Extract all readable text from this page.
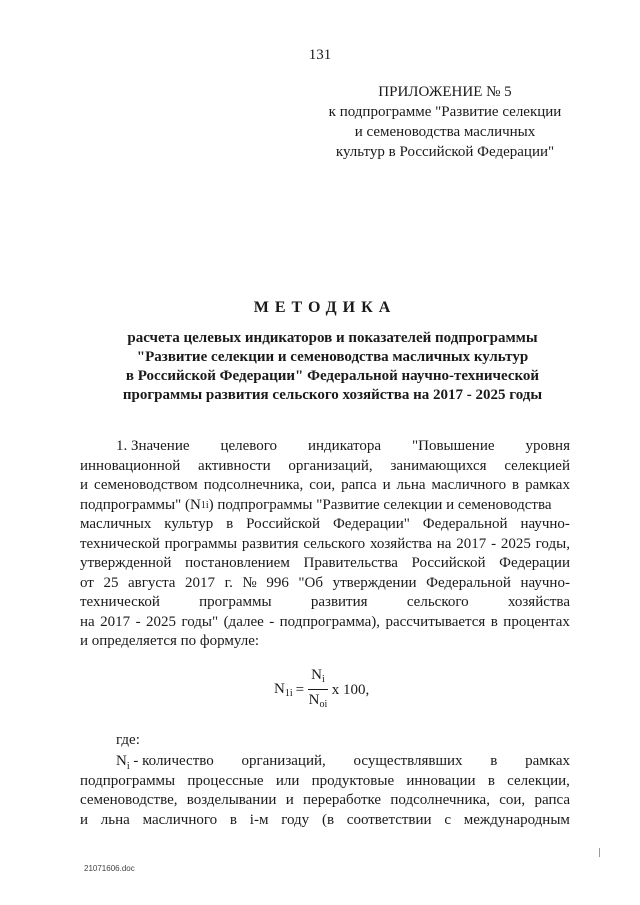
131
ПРИЛОЖЕНИЕ № 5
к подпрограмме "Развитие селекции
и семеноводства масличных
культур в Российской Федерации"
МЕТОДИКА
расчета целевых индикаторов и показателей подпрограммы
"Развитие селекции и семеноводства масличных культур
в Российской Федерации" Федеральной научно-технической
программы развития сельского хозяйства на 2017 - 2025 годы
1. Значение целевого индикатора "Повышение уровня
инновационной активности организаций, занимающихся селекцией
и семеноводством подсолнечника, сои, рапса и льна масличного в рамках
подпрограммы" (N 1i ) подпрограммы "Развитие селекции и семеноводства
масличных культур в Российской Федерации" Федеральной научно-
технической программы развития сельского хозяйства на 2017 - 2025 годы,
утвержденной постановлением Правительства Российской Федерации
от 25 августа 2017 г. № 996 "Об утверждении Федеральной научно-
технической	программы	развития	сельского	хозяйства
на 2017 - 2025 годы" (далее - подпрограмма), рассчитывается в процентах
и определяется по формуле:
$N_{1i} = \frac{N_i}{N_{oi}}$ x 100,
где:
$N_i$ - количество организаций, осуществлявших в рамках
подпрограммы процессные или продуктовые инновации в селекции,
семеноводстве, возделывании и переработке подсолнечника, сои, рапса
и льна масличного в i-м году (в соответствии с международным
21071606.doc
